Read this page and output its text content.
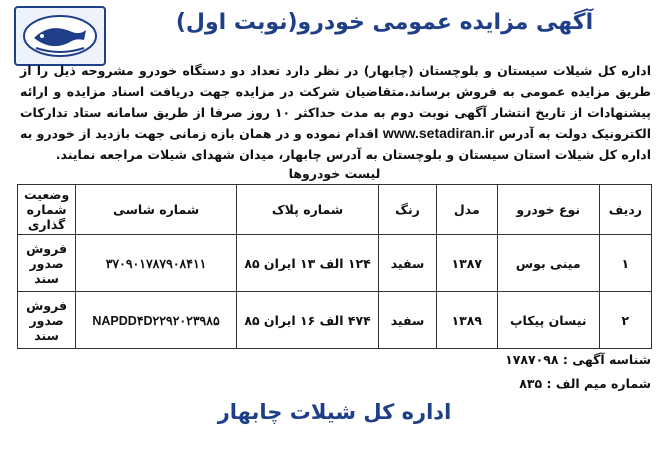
آگهی مزایده عمومی خودرو(نوبت اول)

اداره کل شیلات سیستان و بلوچستان (چابهار) در نظر دارد تعداد دو دستگاه خودرو مشروحه ذیل را از طریق مزایده عمومی به فروش برساند.متقاضیان شرکت در مزایده جهت دریافت اسناد مزایده و ارائه پیشنهادات از تاریخ انتشار آگهی نوبت دوم به مدت حداکثر ۱۰ روز صرفا از طریق سامانه ستاد تدارکات الکترونیک دولت به آدرس www.setadiran.ir اقدام نموده و در همان بازه زمانی جهت بازدید از خودرو به اداره کل شیلات استان سیستان و بلوچستان به آدرس چابهار، میدان شهدای شیلات مراجعه نمایند.

لیست خودروها
ردیف	نوع خودرو	مدل	رنگ	شماره پلاک	شماره شاسی	وضعیت شماره گذاری
۱	مینی بوس	۱۳۸۷	سفید	۱۲۴ الف ۱۳ ایران ۸۵	۳۷۰۹۰۱۷۸۷۹۰۸۴۱۱	فروش صدور سند
۲	نیسان پیکاپ	۱۳۸۹	سفید	۴۷۴ الف ۱۶ ایران ۸۵	NAPDD۴D۲۲۹۲۰۲۳۹۸۵	فروش صدور سند
شناسه آگهی : ۱۷۸۷۰۹۸
شماره میم الف : ۸۳۵
اداره کل شیلات چابهار
